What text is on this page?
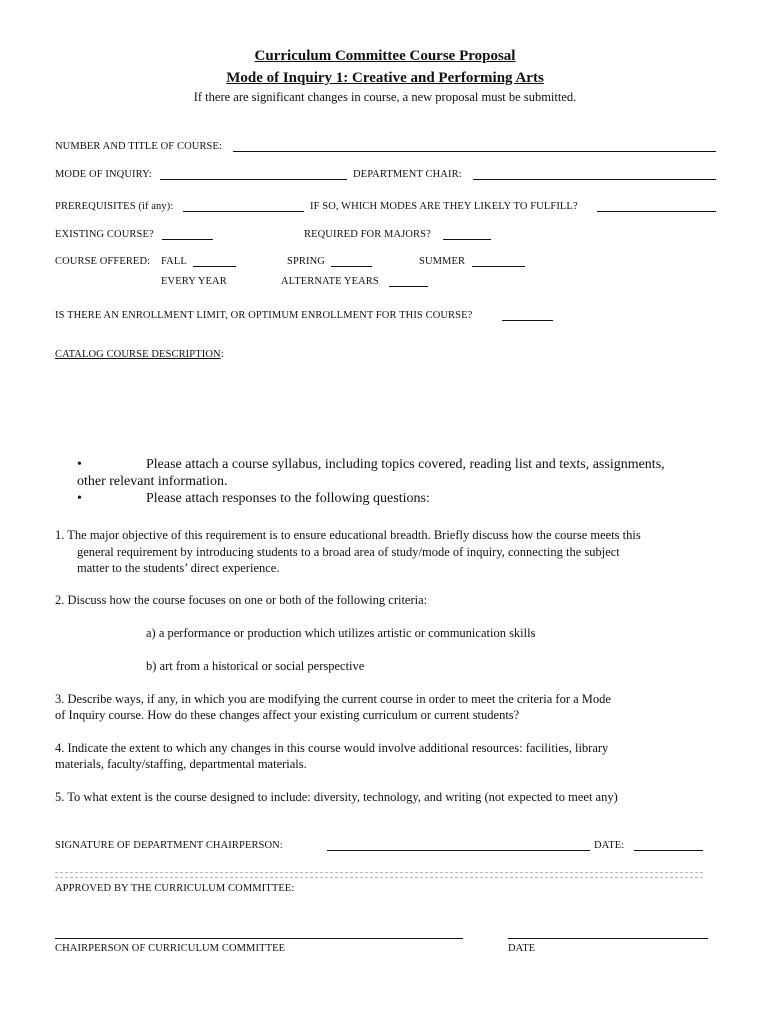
Curriculum Committee Course Proposal
Mode of Inquiry 1: Creative and Performing Arts
If there are significant changes in course, a new proposal must be submitted.
NUMBER AND TITLE OF COURSE:
MODE OF INQUIRY:	DEPARTMENT CHAIR:
PREREQUISITES (if any):	IF SO, WHICH MODES ARE THEY LIKELY TO FULFILL?
EXISTING COURSE?	REQUIRED FOR MAJORS?
COURSE OFFERED: FALL	SPRING	SUMMER
EVERY YEAR	ALTERNATE YEARS
IS THERE AN ENROLLMENT LIMIT, OR OPTIMUM ENROLLMENT FOR THIS COURSE?
CATALOG COURSE DESCRIPTION:
•	Please attach a course syllabus, including topics covered, reading list and texts, assignments,
other relevant information.
•	Please attach responses to the following questions:
1. The major objective of this requirement is to ensure educational breadth. Briefly discuss how the course meets this
general requirement by introducing students to a broad area of study/mode of inquiry, connecting the subject
matter to the students’ direct experience.
2. Discuss how the course focuses on one or both of the following criteria:
a) a performance or production which utilizes artistic or communication skills
b) art from a historical or social perspective
3. Describe ways, if any, in which you are modifying the current course in order to meet the criteria for a Mode
of Inquiry course. How do these changes affect your existing curriculum or current students?
4. Indicate the extent to which any changes in this course would involve additional resources: facilities, library
materials, faculty/staffing, departmental materials.
5. To what extent is the course designed to include: diversity, technology, and writing (not expected to meet any)
SIGNATURE OF DEPARTMENT CHAIRPERSON:	DATE:
APPROVED BY THE CURRICULUM COMMITTEE:
CHAIRPERSON OF CURRICULUM COMMITTEE	DATE
